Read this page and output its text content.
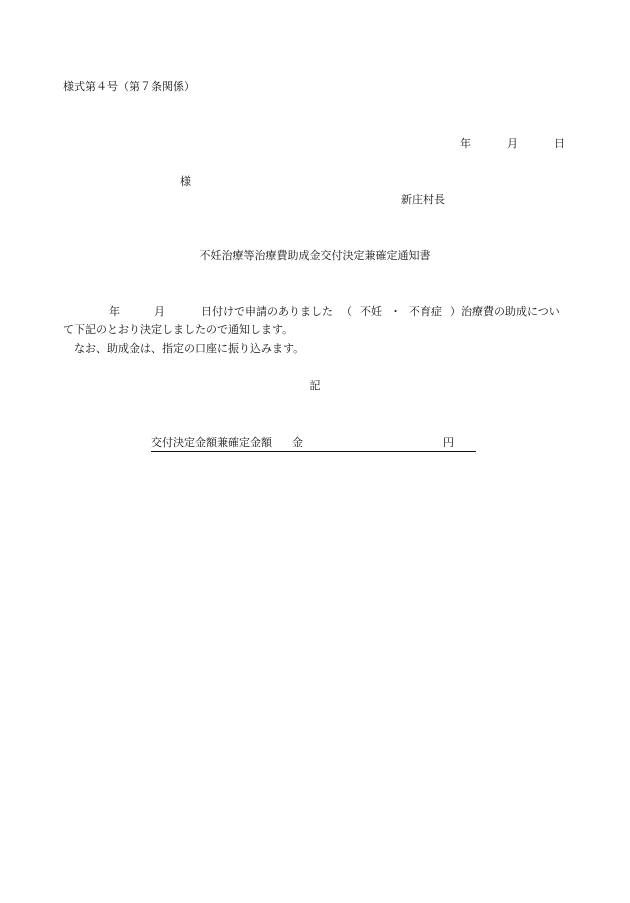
様式第４号（第７条関係）
年	月	日
様
新庄村長
不妊治療等治療費助成金交付決定兼確定通知書
年	月	日付けで申請のありました （ 不妊 ・ 不育症 ）治療費の助成につい
て下記のとおり決定しましたので通知します。
　なお、助成金は、指定の口座に振り込みます。
記
交付決定金額兼確定金額 金	円
